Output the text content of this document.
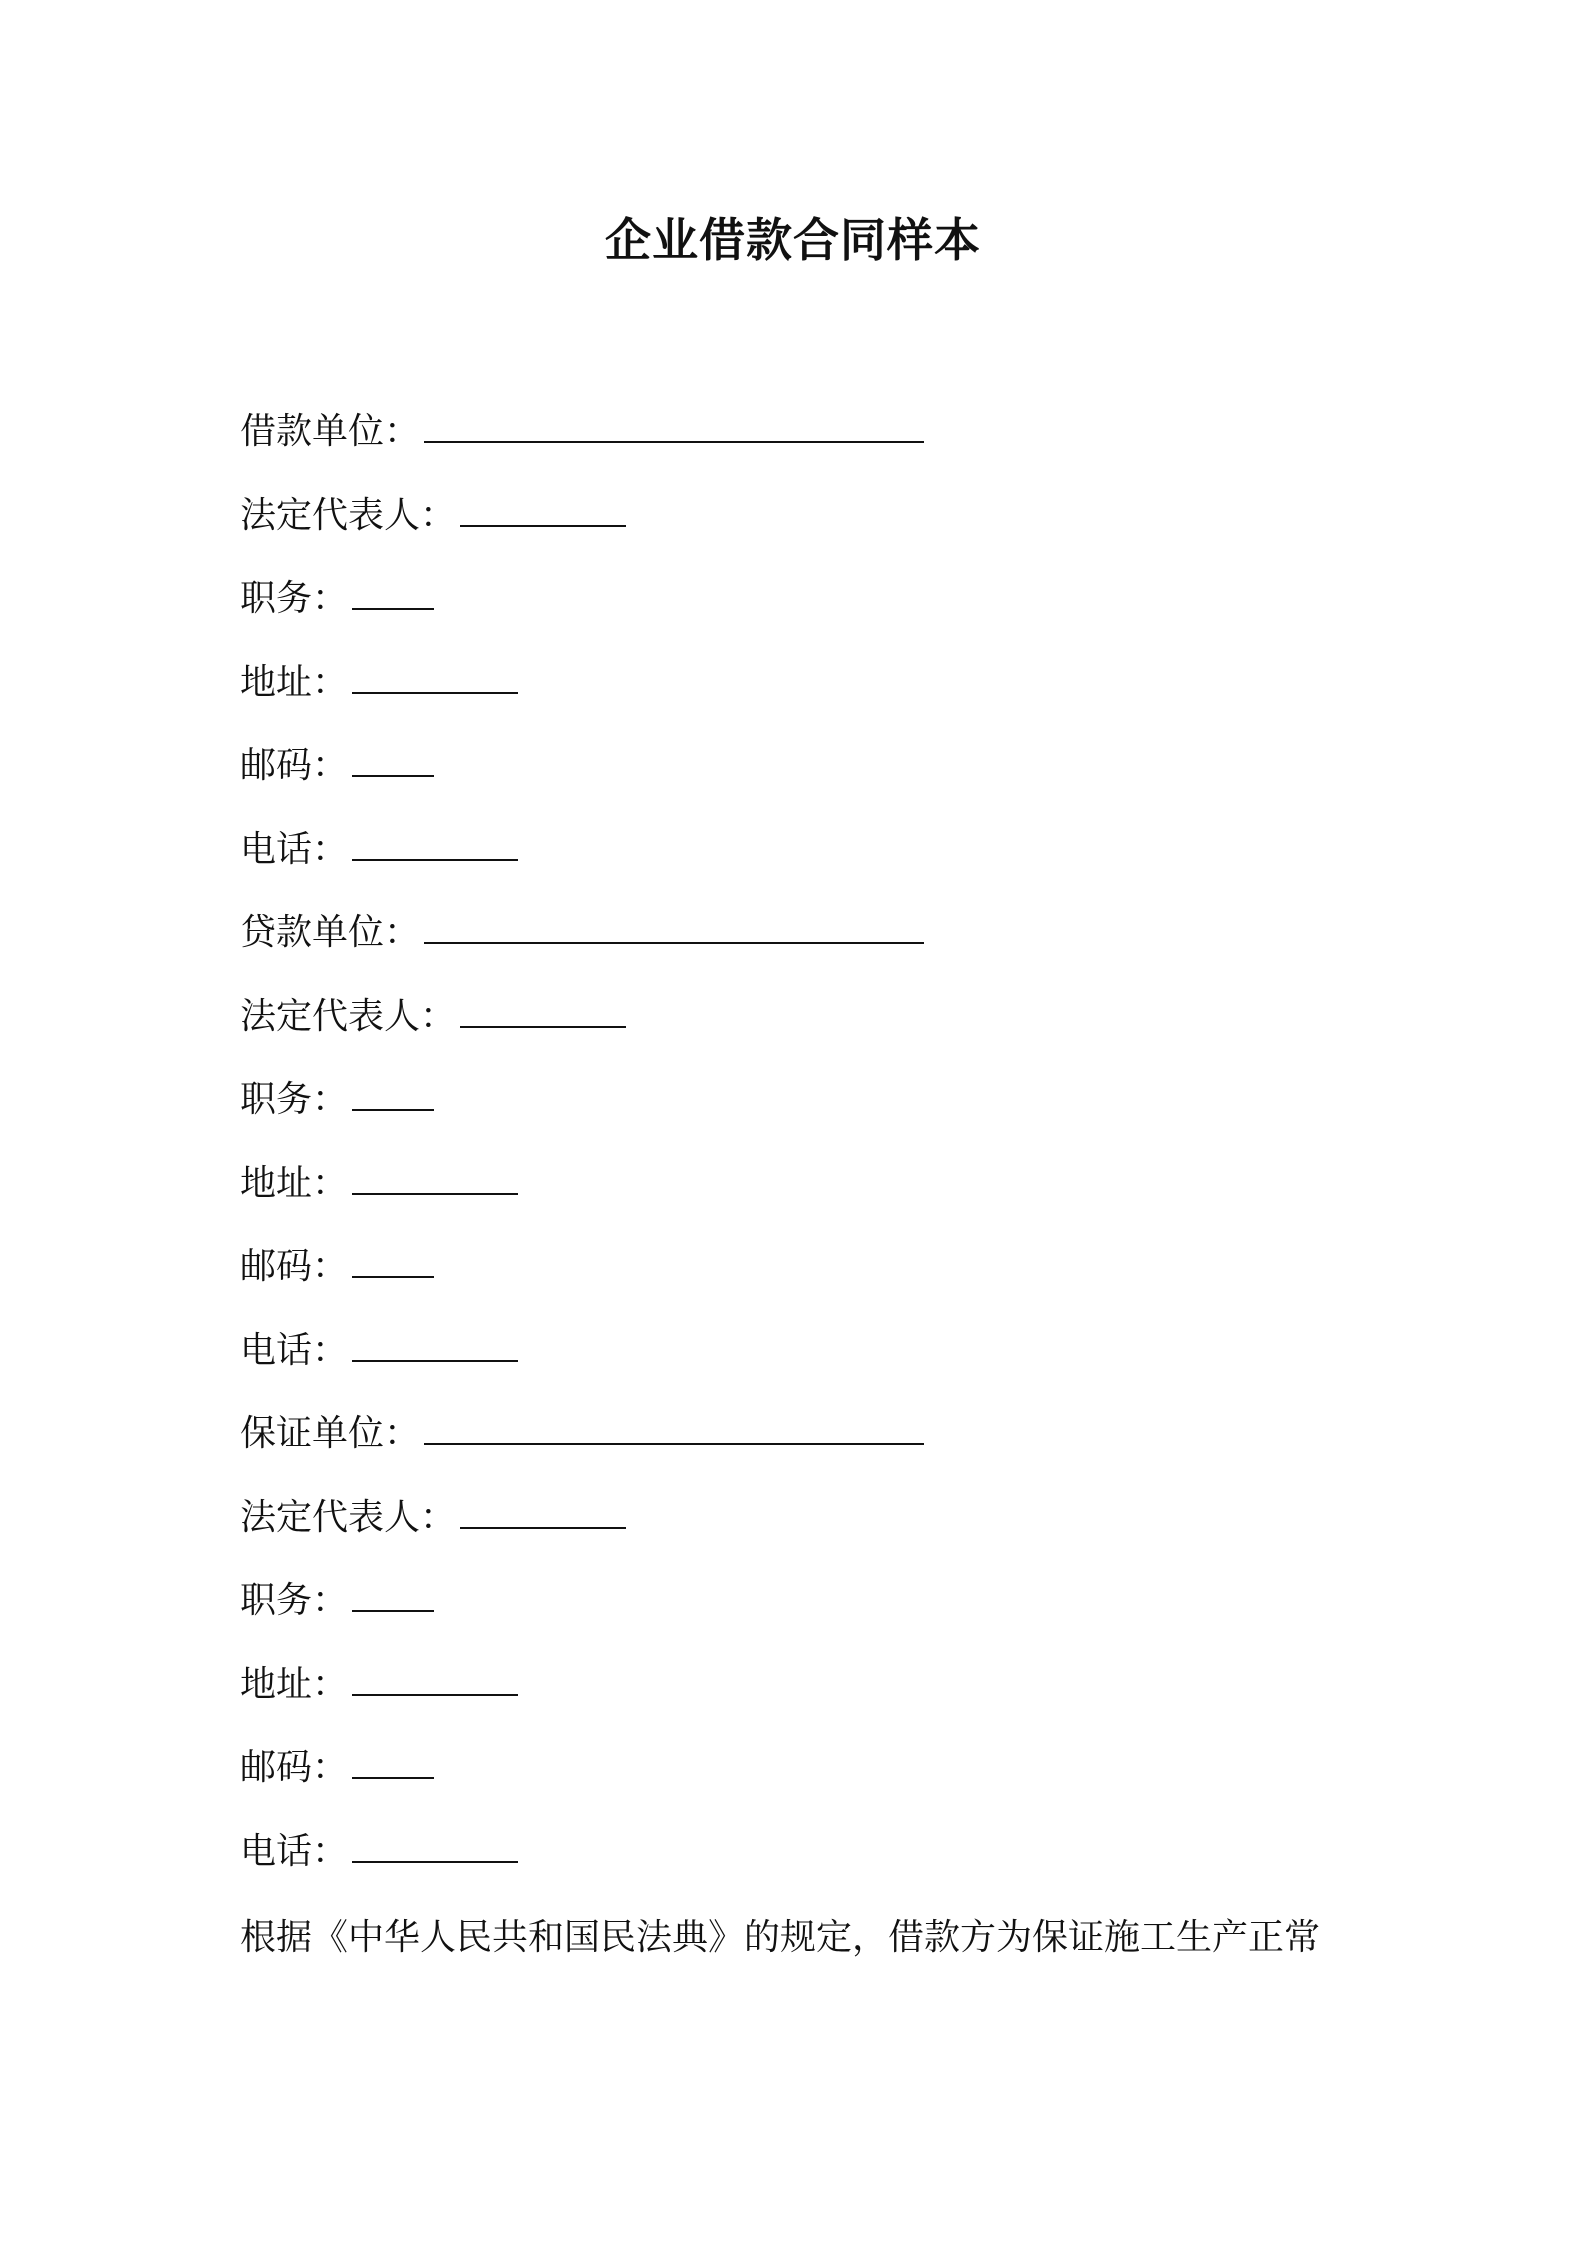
企业借款合同样本
借款单位：
法定代表人：
职务：
地址：
邮码：
电话：
贷款单位：
法定代表人：
职务：
地址：
邮码：
电话：
保证单位：
法定代表人：
职务：
地址：
邮码：
电话：
根据《中华人民共和国民法典》的规定，借款方为保证施工生产正常
